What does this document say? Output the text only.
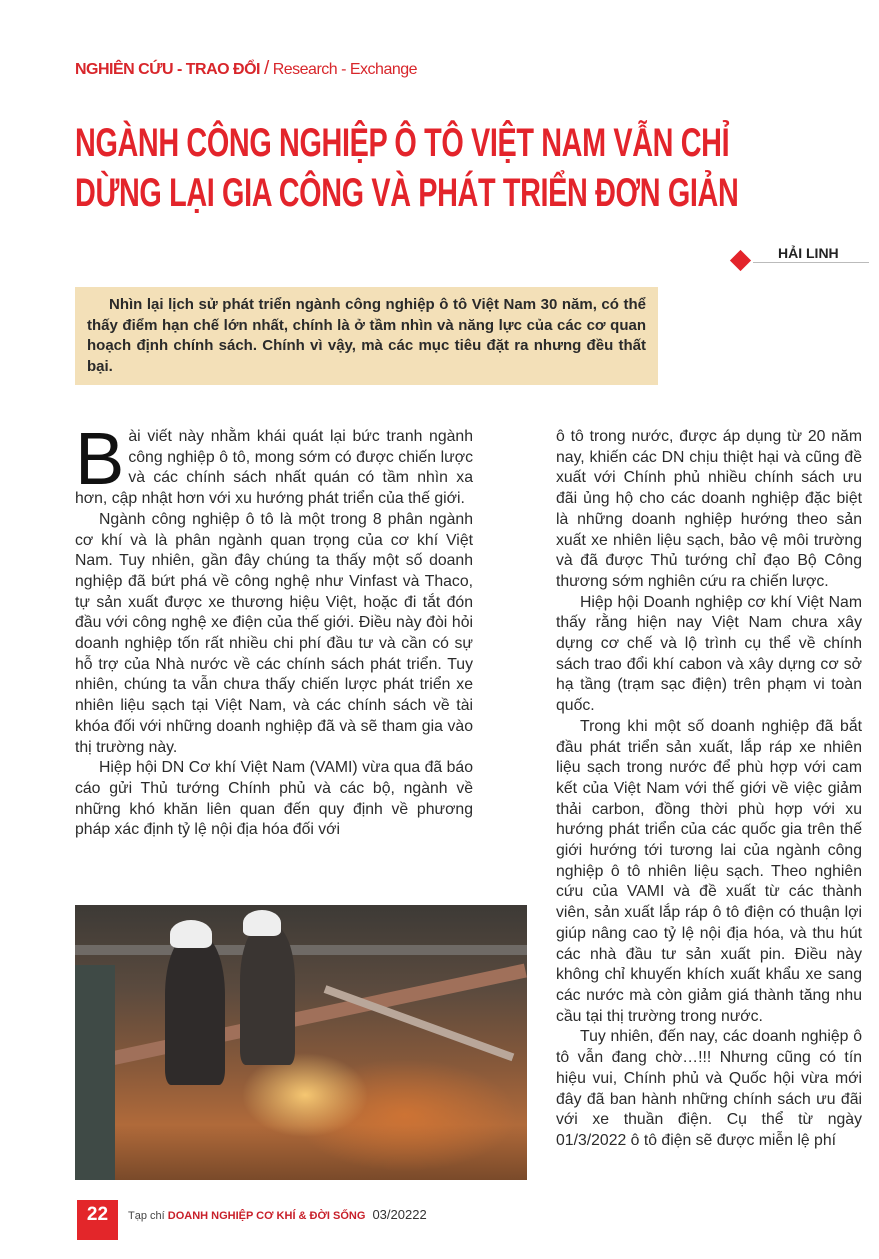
NGHIÊN CỨU - TRAO ĐỔI / Research - Exchange
NGÀNH CÔNG NGHIỆP Ô TÔ VIỆT NAM VẪN CHỈ
DỪNG LẠI GIA CÔNG VÀ PHÁT TRIỂN ĐƠN GIẢN
HẢI LINH

Nhìn lại lịch sử phát triển ngành công nghiệp ô tô Việt Nam 30 năm, có thể thấy điểm hạn chế lớn nhất, chính là ở tầm nhìn và năng lực của các cơ quan hoạch định chính sách. Chính vì vậy, mà các mục tiêu đặt ra nhưng đều thất bại.

Bài viết này nhằm khái quát lại bức tranh ngành công nghiệp ô tô, mong sớm có được chiến lược và các chính sách nhất quán có tầm nhìn xa hơn, cập nhật hơn với xu hướng phát triển của thế giới.

Ngành công nghiệp ô tô là một trong 8 phân ngành cơ khí và là phân ngành quan trọng của cơ khí Việt Nam. Tuy nhiên, gần đây chúng ta thấy một số doanh nghiệp đã bứt phá về công nghệ như Vinfast và Thaco, tự sản xuất được xe thương hiệu Việt, hoặc đi tắt đón đầu với công nghệ xe điện của thế giới. Điều này đòi hỏi doanh nghiệp tốn rất nhiều chi phí đầu tư và cần có sự hỗ trợ của Nhà nước về các chính sách phát triển. Tuy nhiên, chúng ta vẫn chưa thấy chiến lược phát triển xe nhiên liệu sạch tại Việt Nam, và các chính sách về tài khóa đối với những doanh nghiệp đã và sẽ tham gia vào thị trường này.

Hiệp hội DN Cơ khí Việt Nam (VAMI) vừa qua đã báo cáo gửi Thủ tướng Chính phủ và các bộ, ngành về những khó khăn liên quan đến quy định về phương pháp xác định tỷ lệ nội địa hóa đối với

ô tô trong nước, được áp dụng từ 20 năm nay, khiến các DN chịu thiệt hại và cũng đề xuất với Chính phủ nhiều chính sách ưu đãi ủng hộ cho các doanh nghiệp đặc biệt là những doanh nghiệp hướng theo sản xuất xe nhiên liệu sạch, bảo vệ môi trường và đã được Thủ tướng chỉ đạo Bộ Công thương sớm nghiên cứu ra chiến lược.

Hiệp hội Doanh nghiệp cơ khí Việt Nam thấy rằng hiện nay Việt Nam chưa xây dựng cơ chế và lộ trình cụ thể về chính sách trao đổi khí cabon và xây dựng cơ sở hạ tầng (trạm sạc điện) trên phạm vi toàn quốc.

Trong khi một số doanh nghiệp đã bắt đầu phát triển sản xuất, lắp ráp xe nhiên liệu sạch trong nước để phù hợp với cam kết của Việt Nam với thế giới về việc giảm thải carbon, đồng thời phù hợp với xu hướng phát triển của các quốc gia trên thế giới hướng tới tương lai của ngành công nghiệp ô tô nhiên liệu sạch. Theo nghiên cứu của VAMI và đề xuất từ các thành viên, sản xuất lắp ráp ô tô điện có thuận lợi giúp nâng cao tỷ lệ nội địa hóa, và thu hút các nhà đầu tư sản xuất pin. Điều này không chỉ khuyến khích xuất khẩu xe sang các nước mà còn giảm giá thành tăng nhu cầu tại thị trường trong nước.

Tuy nhiên, đến nay, các doanh nghiệp ô tô vẫn đang chờ…!!! Nhưng cũng có tín hiệu vui, Chính phủ và Quốc hội vừa mới đây đã ban hành những chính sách ưu đãi với xe thuần điện. Cụ thể từ ngày 01/3/2022 ô tô điện sẽ được miễn lệ phí

22	Tạp chí DOANH NGHIỆP CƠ KHÍ & ĐỜI SỐNG 03/20222
